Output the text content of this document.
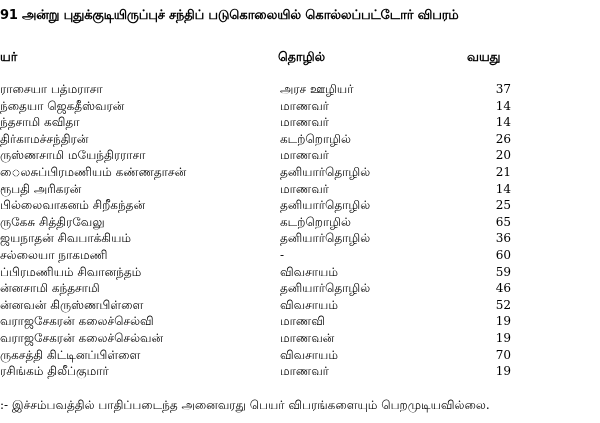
91 அன்று புதுக்குடியிருப்புச் சந்திப் படுகொலையில் கொல்லப்பட்டோர் விபரம்
யர்	தொழில்	வயது
ராசையா பத்மராசா	அரச ஊழியர்	37
ந்தையா ஜெகதீஸ்வரன்	மாணவர்	14
ந்தசாமி கவிதா	மாணவர்	14
திர்காமச்சந்திரன்	கடற்றொழில்	26
ருஸ்ணசாமி மயேந்திரராசா	மாணவர்	20
ைலசுப்பிரமணியம் கண்ணதாசன்	தனியார்தொழில்	21
ரூபதி அரிகரன்	மாணவர்	14
பில்லைவாகனம் சிறீகந்தன்	தனியார்தொழில்	25
ருகேசு சித்திரவேலு	கடற்றொழில்	65
ஜயநாதன் சிவபாக்கியம்	தனியார்தொழில்	36
சல்லையா நாகமணி	-	60
ப்பிரமணியம் சிவானந்தம்	விவசாயம்	59
ன்னசாமி கந்தசாமி	தனியார்தொழில்	46
ன்னவன் கிருஸ்ணபிள்ளை	விவசாயம்	52
வராஜசேகரன் கலைச்செல்வி	மாணவி	19
வராஜசேகரன் கலைச்செல்வன்	மாணவன்	19
ருகசத்தி கிட்டினப்பிள்ளை	விவசாயம்	70
ரசிங்கம் திலீப்குமார்	மாணவர்	19
:- இச்சம்பவத்தில் பாதிப்படைந்த அனைவரது பெயர் விபரங்களையும் பெறமுடியவில்லை.
